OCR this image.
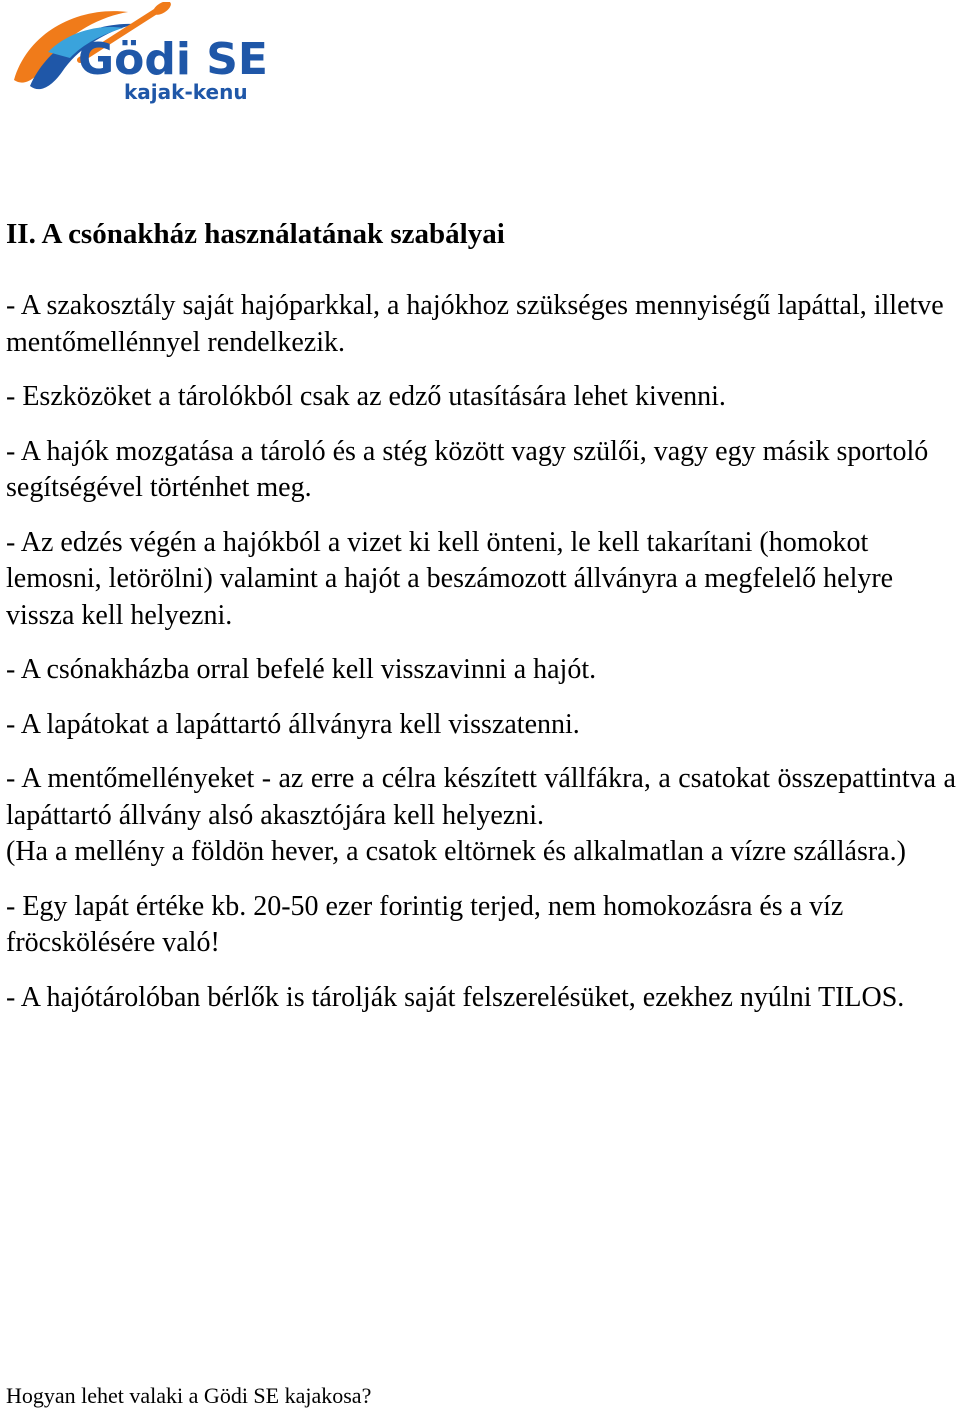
Gödi SE
kajak-kenu
II. A csónakház használatának szabályai

- A szakosztály saját hajóparkkal, a hajókhoz szükséges mennyiségű lapáttal, illetve mentőmellénnyel rendelkezik.

- Eszközöket a tárolókból csak az edző utasítására lehet kivenni.

- A hajók mozgatása a tároló és a stég között vagy szülői, vagy egy másik sportoló segítségével történhet meg.

- Az edzés végén a hajókból a vizet ki kell önteni, le kell takarítani (homokot lemosni, letörölni) valamint a hajót a beszámozott állványra a megfelelő helyre vissza kell helyezni.

- A csónakházba orral befelé kell visszavinni a hajót.

- A lapátokat a lapáttartó állványra kell visszatenni.

- A mentőmellényeket - az erre a célra készített vállfákra, a csatokat összepattintva a lapáttartó állvány alsó akasztójára kell helyezni.

(Ha a mellény a földön hever, a csatok eltörnek és alkalmatlan a vízre szállásra.)

- Egy lapát értéke kb. 20-50 ezer forintig terjed, nem homokozásra és a víz fröcskölésére való!

- A hajótárolóban bérlők is tárolják saját felszerelésüket, ezekhez nyúlni TILOS.

Hogyan lehet valaki a Gödi SE kajakosa?
